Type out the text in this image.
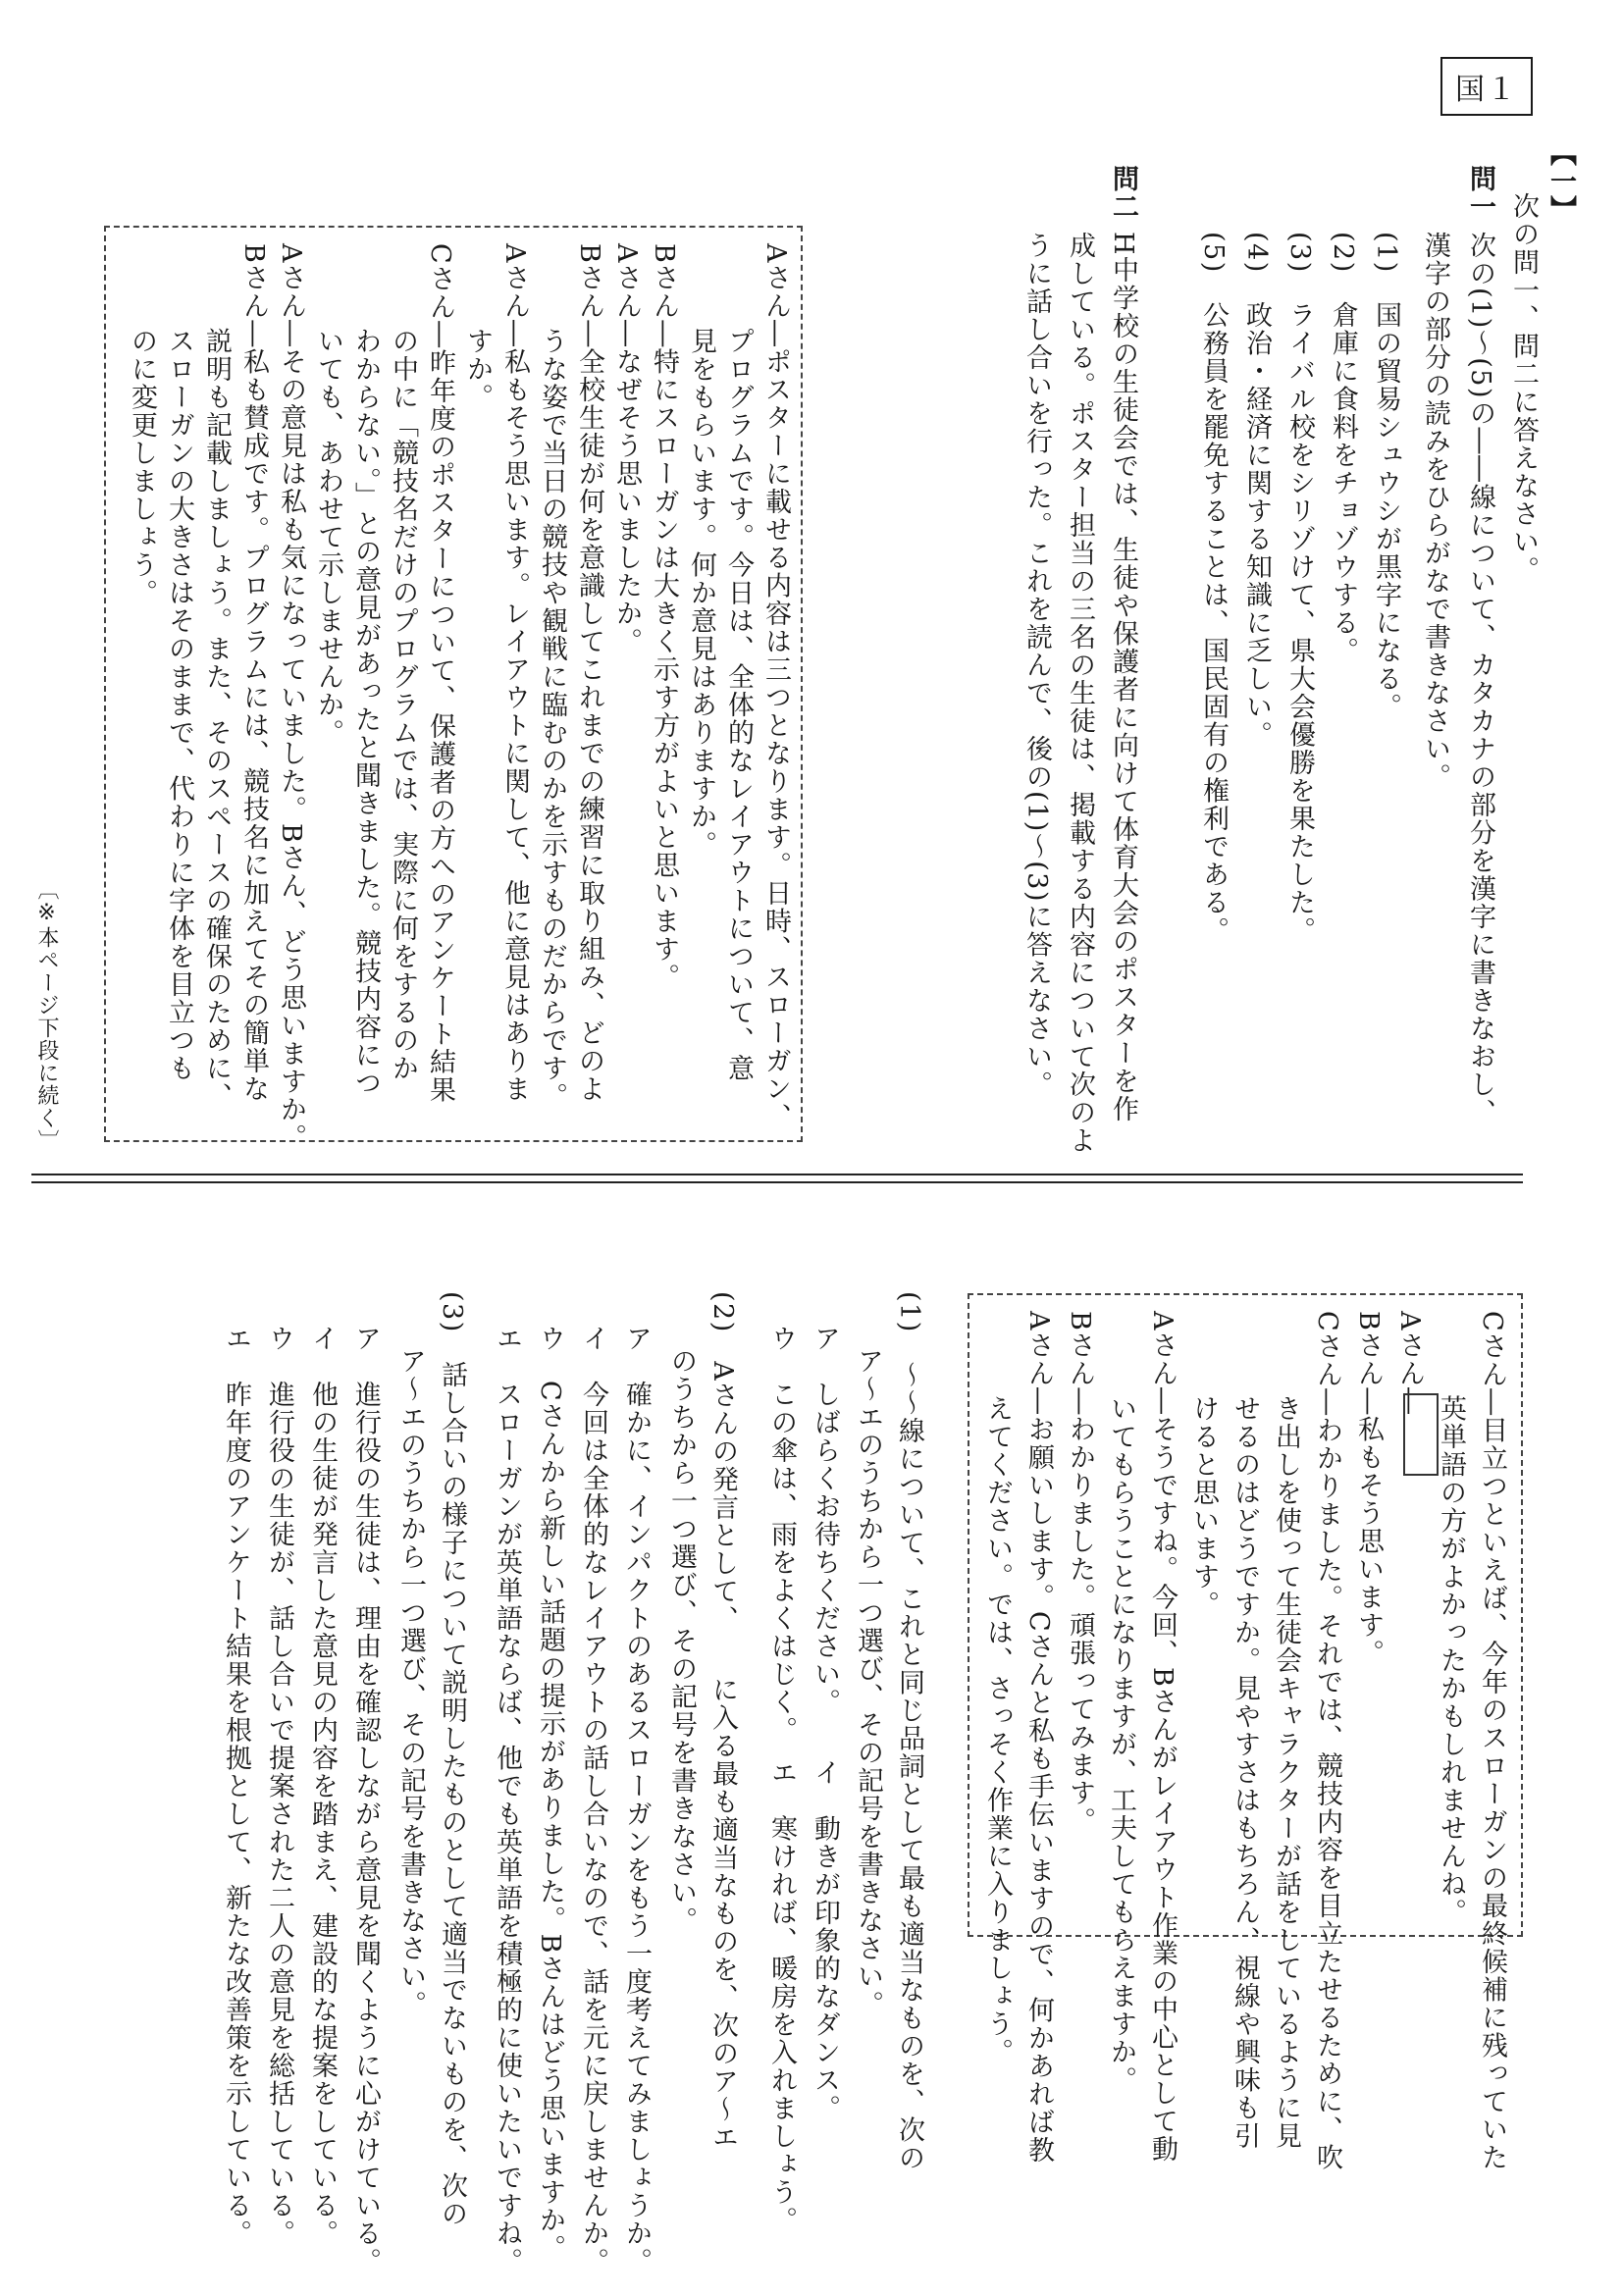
国１
【一】
次の問一、問二に答えなさい。
問一
次の(1)～(5)の――線について、カタカナの部分を漢字に書きなおし、
漢字の部分の読みをひらがなで書きなさい。
(1)　国の貿易シュウシが黒字になる。
(2)　倉庫に食料をチョゾウする。
(3)　ライバル校をシリゾけて、県大会優勝を果たした。
(4)　政治・経済に関する知識に乏しい。
(5)　公務員を罷免することは、国民固有の権利である。
問二
H中学校の生徒会では、生徒や保護者に向けて体育大会のポスターを作
成している。ポスター担当の三名の生徒は、掲載する内容について次のよ
うに話し合いを行った。これを読んで、後の(1)～(3)に答えなさい。
Aさん―ポスターに載せる内容は三つとなります。日時、スローガン、
　　　プログラムです。今日は、全体的なレイアウトについて、意
　　　見をもらいます。何か意見はありますか。
Bさん―特にスローガンは大きく示す方がよいと思います。
Aさん―なぜそう思いましたか。
Bさん―全校生徒が何を意識してこれまでの練習に取り組み、どのよ
　　　うな姿で当日の競技や観戦に臨むのかを示すものだからです。
Aさん―私もそう思います。レイアウトに関して、他に意見はありま
　　　すか。
Cさん―昨年度のポスターについて、保護者の方へのアンケート結果
　　　の中に「競技名だけのプログラムでは、実際に何をするのか
　　　わからない。」との意見があったと聞きました。競技内容につ
　　　いても、あわせて示しませんか。
Aさん―その意見は私も気になっていました。Bさん、どう思いますか。
Bさん―私も賛成です。プログラムには、競技名に加えてその簡単な
　　　説明も記載しましょう。また、そのスペースの確保のために、
　　　スローガンの大きさはそのままで、代わりに字体を目立つも
　　　のに変更しましょう。
〔※本ページ下段に続く〕
Cさん―目立つといえば、今年のスローガンの最終候補に残っていた
　　　英単語の方がよかったかもしれませんね。
Aさん―
Bさん―私もそう思います。
Cさん―わかりました。それでは、競技内容を目立たせるために、吹
　　　き出しを使って生徒会キャラクターが話をしているように見
　　　せるのはどうですか。見やすさはもちろん、視線や興味も引
　　　けると思います。
Aさん―そうですね。今回、Bさんがレイアウト作業の中心として動
　　　いてもらうことになりますが、工夫してもらえますか。
Bさん―わかりました。頑張ってみます。
Aさん―お願いします。Cさんと私も手伝いますので、何かあれば教
　　　えてください。では、さっそく作業に入りましょう。
(1)　～～線について、これと同じ品詞として最も適当なものを、次の
　　ア～エのうちから一つ選び、その記号を書きなさい。
ア　しばらくお待ちください。　　イ　動きが印象的なダンス。
ウ　この傘は、雨をよくはじく。　エ　寒ければ、暖房を入れましょう。
(2)　Aさんの発言として、　　に入る最も適当なものを、次のア～エ
　　のうちから一つ選び、その記号を書きなさい。
ア　確かに、インパクトのあるスローガンをもう一度考えてみましょうか。
イ　今回は全体的なレイアウトの話し合いなので、話を元に戻しませんか。
ウ　Cさんから新しい話題の提示がありました。Bさんはどう思いますか。
エ　スローガンが英単語ならば、他でも英単語を積極的に使いたいですね。
(3)　話し合いの様子について説明したものとして適当でないものを、次の
　　ア～エのうちから一つ選び、その記号を書きなさい。
ア　進行役の生徒は、理由を確認しながら意見を聞くように心がけている。
イ　他の生徒が発言した意見の内容を踏まえ、建設的な提案をしている。
ウ　進行役の生徒が、話し合いで提案された二人の意見を総括している。
エ　昨年度のアンケート結果を根拠として、新たな改善策を示している。
